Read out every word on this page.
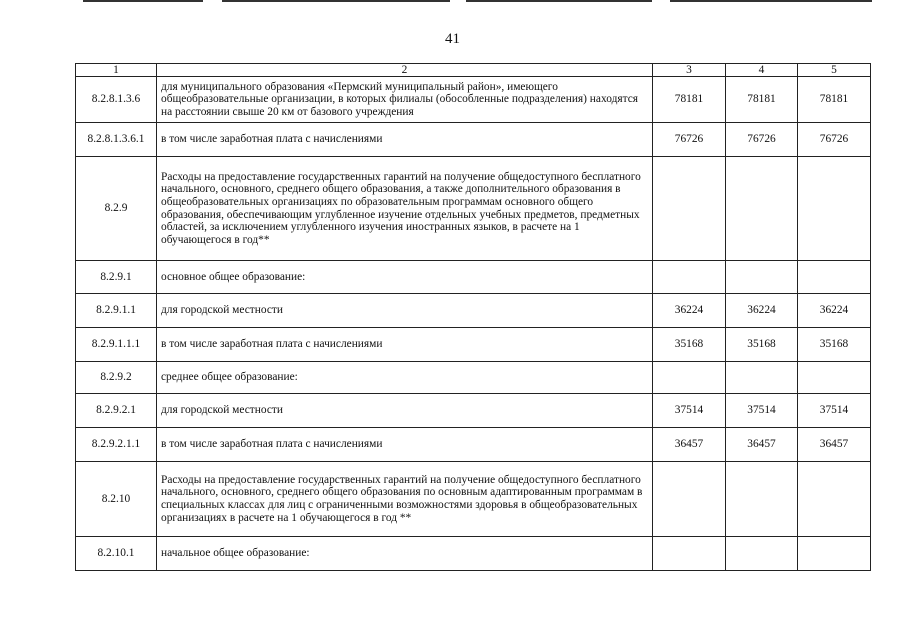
41
1	2	3	4	5
8.2.8.1.3.6	для муниципального образования «Пермский муниципальный район», имеющего общеобразовательные организации, в которых филиалы (обособленные подразделения) находятся на расстоянии свыше 20 км от базового учреждения	78181	78181	78181
8.2.8.1.3.6.1	в том числе заработная плата с начислениями	76726	76726	76726
8.2.9	Расходы на предоставление государственных гарантий на получение общедоступного бесплатного начального, основного, среднего общего образования, а также дополнительного образования в общеобразовательных организациях по образовательным программам основного общего образования, обеспечивающим углубленное изучение отдельных учебных предметов, предметных областей, за исключением углубленного изучения иностранных языков, в расчете на 1 обучающегося в год**			
8.2.9.1	основное общее образование:			
8.2.9.1.1	для городской местности	36224	36224	36224
8.2.9.1.1.1	в том числе заработная плата с начислениями	35168	35168	35168
8.2.9.2	среднее общее образование:			
8.2.9.2.1	для городской местности	37514	37514	37514
8.2.9.2.1.1	в том числе заработная плата с начислениями	36457	36457	36457
8.2.10	Расходы на предоставление государственных гарантий на получение общедоступного бесплатного начального, основного, среднего общего образования по основным адаптированным программам в специальных классах для лиц с ограниченными возможностями здоровья в общеобразовательных организациях в расчете на 1 обучающегося в год **			
8.2.10.1	начальное общее образование:			
